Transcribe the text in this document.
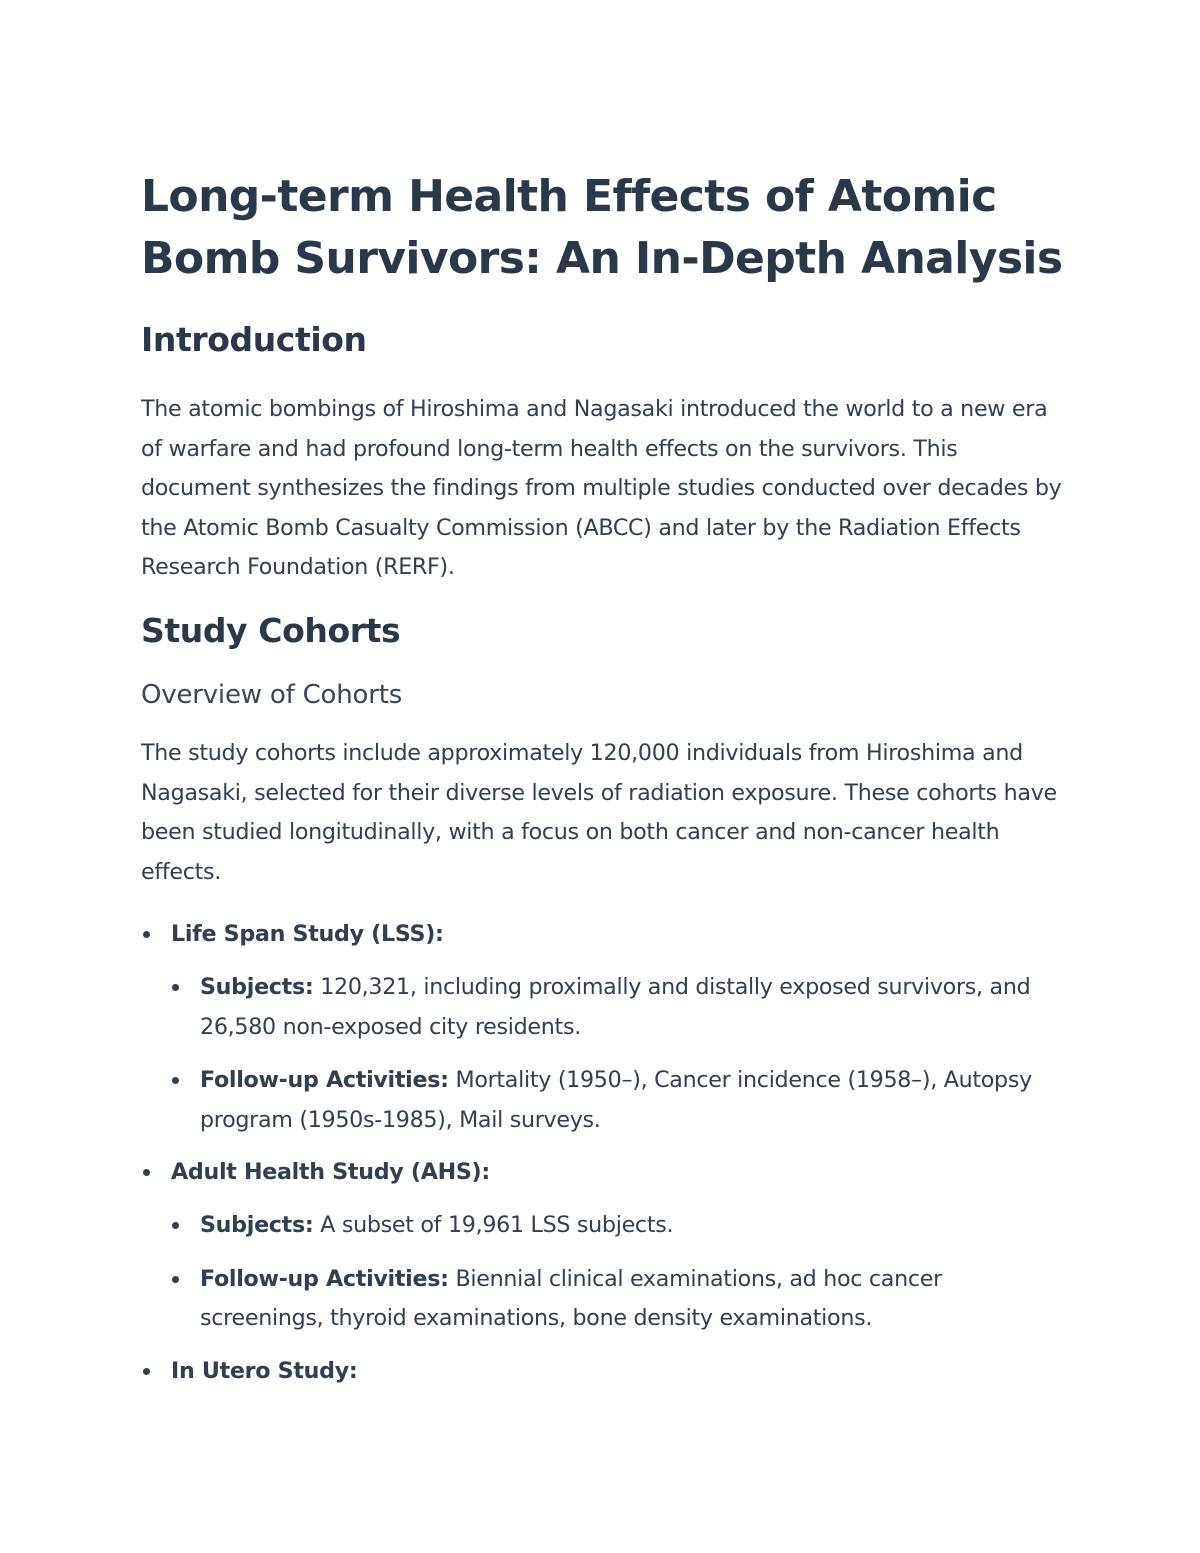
Long-term Health Effects of Atomic Bomb Survivors: An In-Depth Analysis
Introduction

The atomic bombings of Hiroshima and Nagasaki introduced the world to a new era of warfare and had profound long-term health effects on the survivors. This document synthesizes the findings from multiple studies conducted over decades by the Atomic Bomb Casualty Commission (ABCC) and later by the Radiation Effects Research Foundation (RERF).

Study Cohorts
Overview of Cohorts

The study cohorts include approximately 120,000 individuals from Hiroshima and Nagasaki, selected for their diverse levels of radiation exposure. These cohorts have been studied longitudinally, with a focus on both cancer and non-cancer health effects.

Life Span Study (LSS):
Subjects: 120,321, including proximally and distally exposed survivors, and 26,580 non-exposed city residents.
Follow-up Activities: Mortality (1950–), Cancer incidence (1958–), Autopsy program (1950s-1985), Mail surveys.
Adult Health Study (AHS):
Subjects: A subset of 19,961 LSS subjects.
Follow-up Activities: Biennial clinical examinations, ad hoc cancer screenings, thyroid examinations, bone density examinations.
In Utero Study:
